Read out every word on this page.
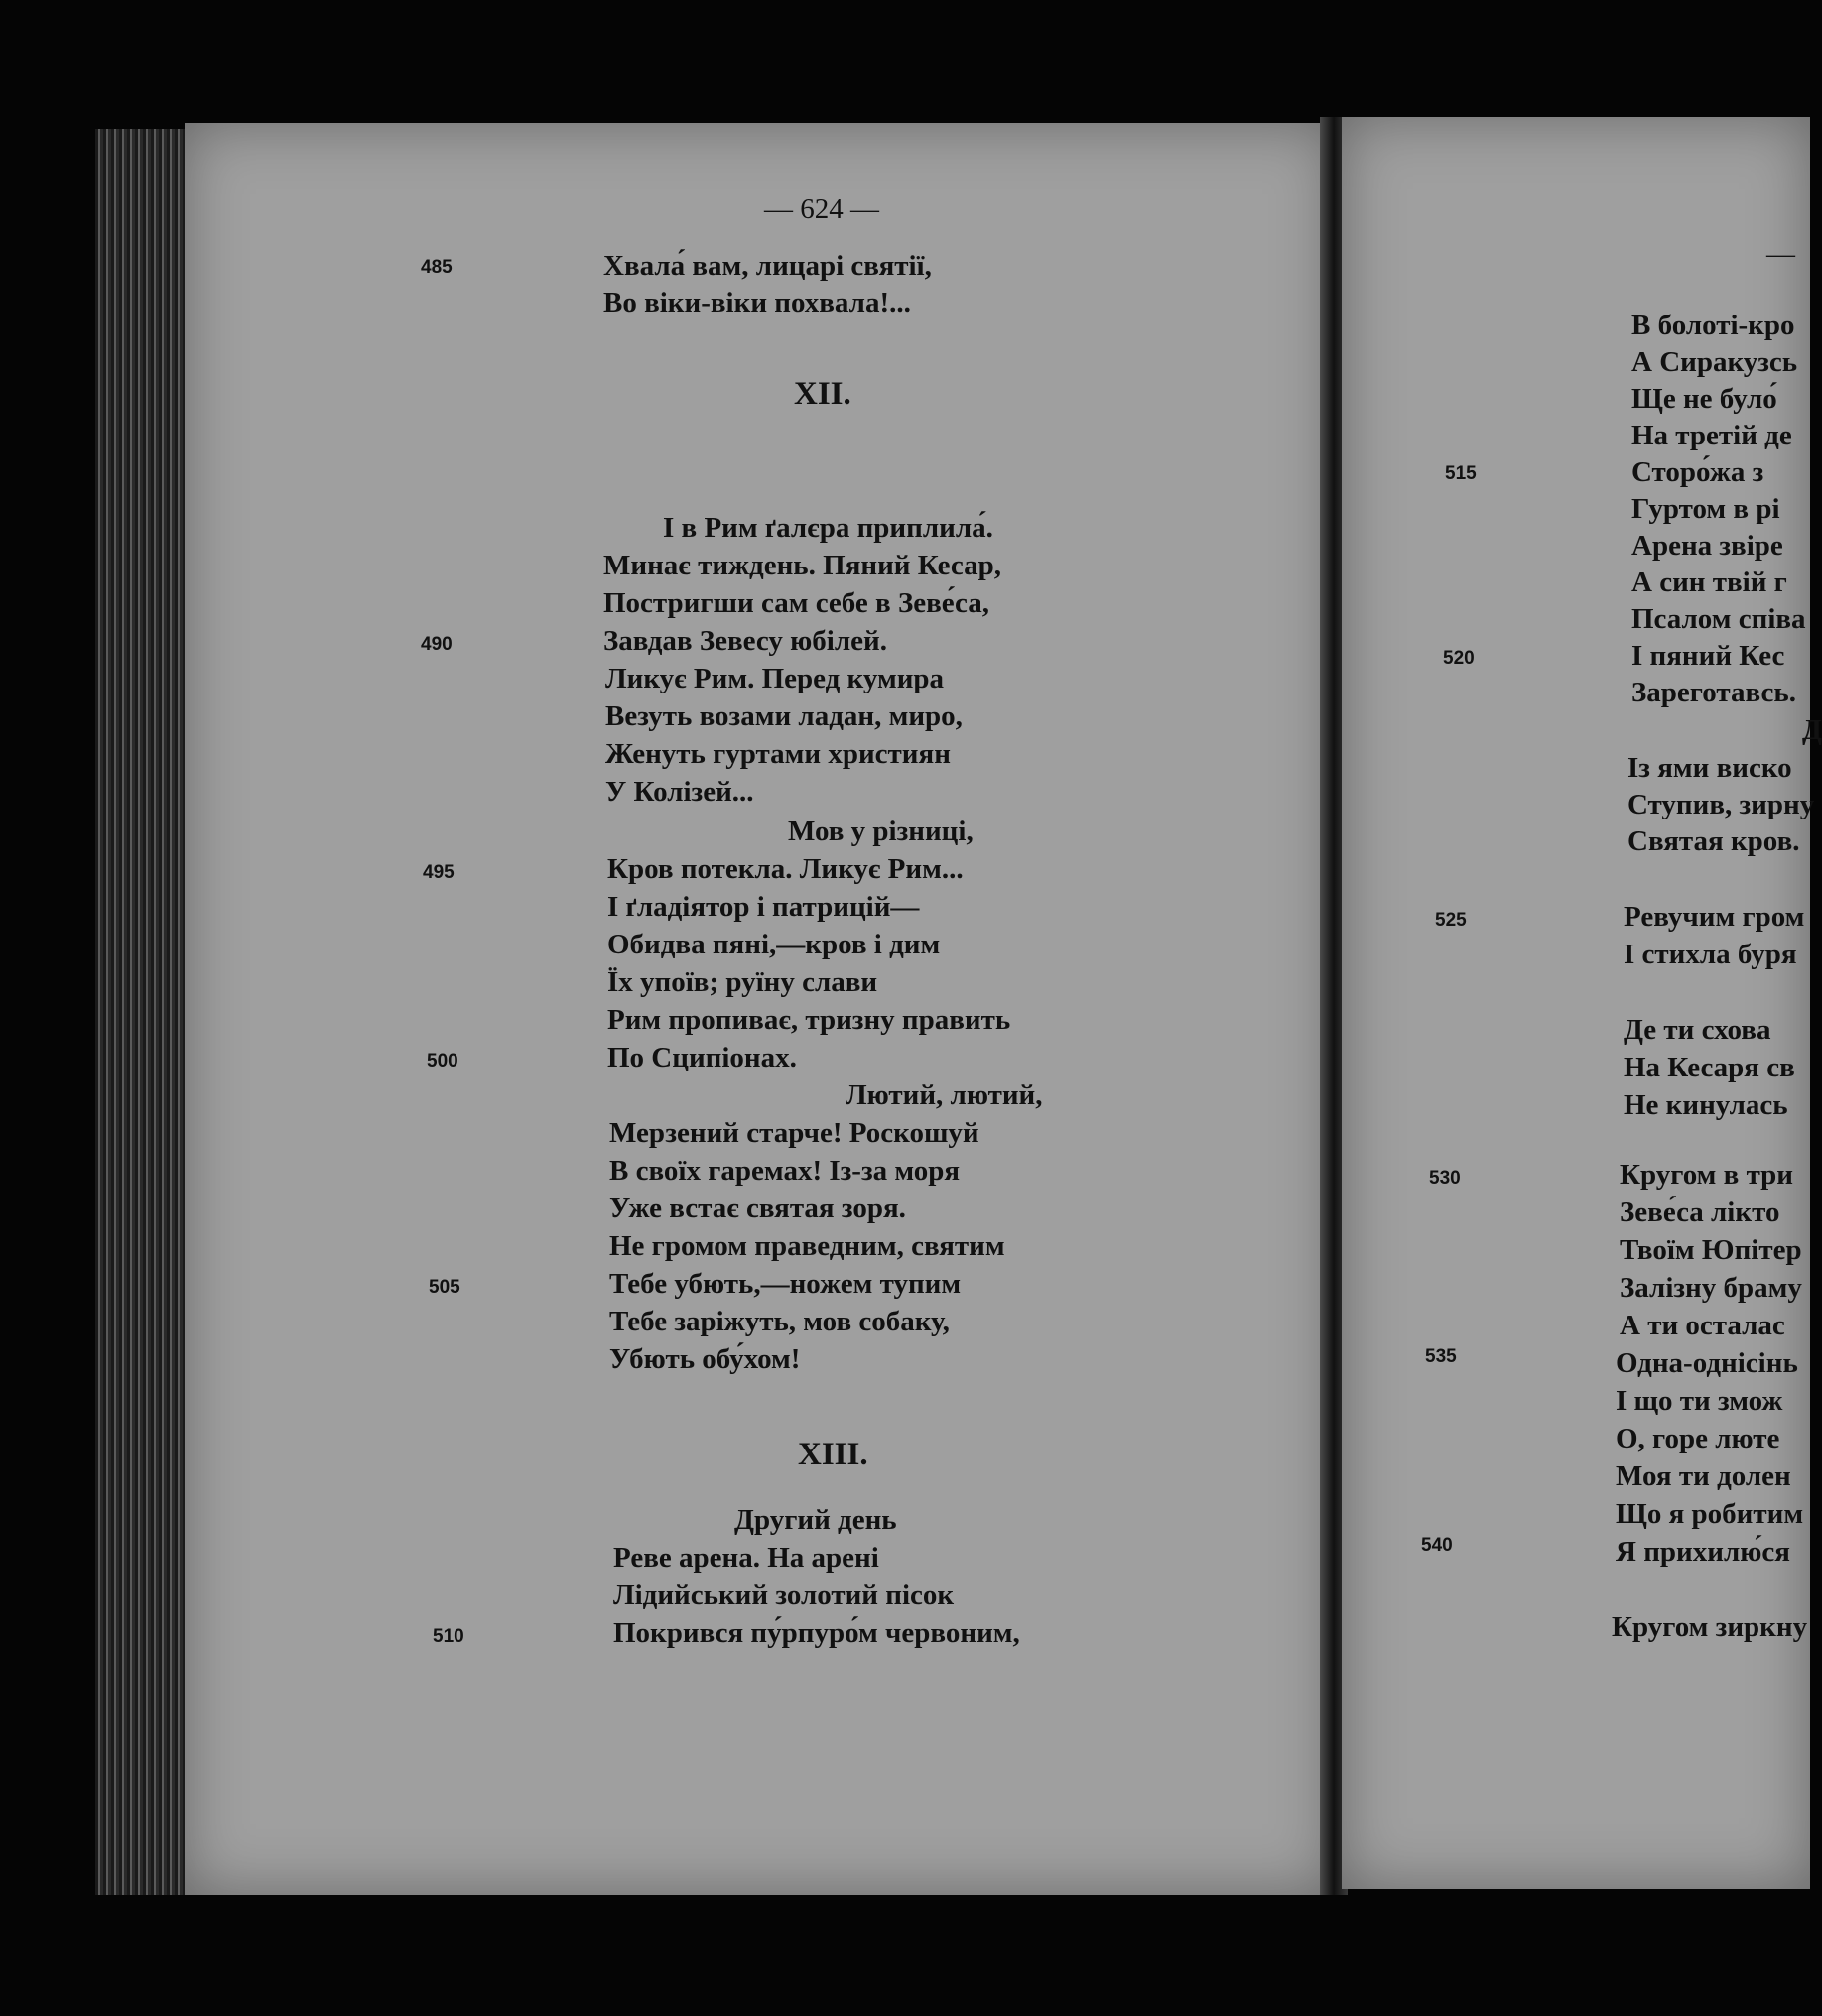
— 624 —
485	Хвала́ вам, лицарі святії,
Во віки-віки похвала!...
XII.
І в Рим ґалєра приплила́.
Минає тиждень. Пяний Кесар,
Постригши сам себе в Зеве́са,
490	Завдав Зевесу юбілей.
Ликує Рим. Перед кумира
Везуть возами ладан, миро,
Женуть гуртами християн
У Колізей...
Мов у різниці,
495	Кров потекла. Ликує Рим...
І ґладіятор і патрицій—
Обидва пяні,—кров і дим
Їх упоїв; руїну слави
Рим пропиває, тризну править
500	По Сципіонах.
Лютий, лютий,
Мерзений старче! Роскошуй
В своїх гаремах! Із-за моря
Уже встає святая зоря.
Не громом праведним, святим
505	Тебе убють,—ножем тупим
Тебе заріжуть, мов собаку,
Убють обу́хом!
XIII.
Другий день
Реве арена. На арені
Лідийський золотий пісок
510	Покрився пу́рпуро́м червоним,
—
В болоті-кро
А Сиракузсь
Ще не було́
На третій де
515	Сторо́жа з
Гуртом в рі
Арена звіре
А син твій г
Псалом співа
520	І пяний Кес
Зареготавсь.
Д
Із ями виско
Ступив, зирну
Святая кров.
525	Ревучим гром
І стихла буря
Де ти схова
На Кесаря св
Не кинулась
530	Кругом в три
Зеве́са лікто
Твоїм Юпітер
Залізну браму
А ти осталас
535	Одна-однісінь
І що ти змож
О, горе люте
Моя ти долен
Що я робитим
540	Я прихилю́ся
Кругом зиркну
